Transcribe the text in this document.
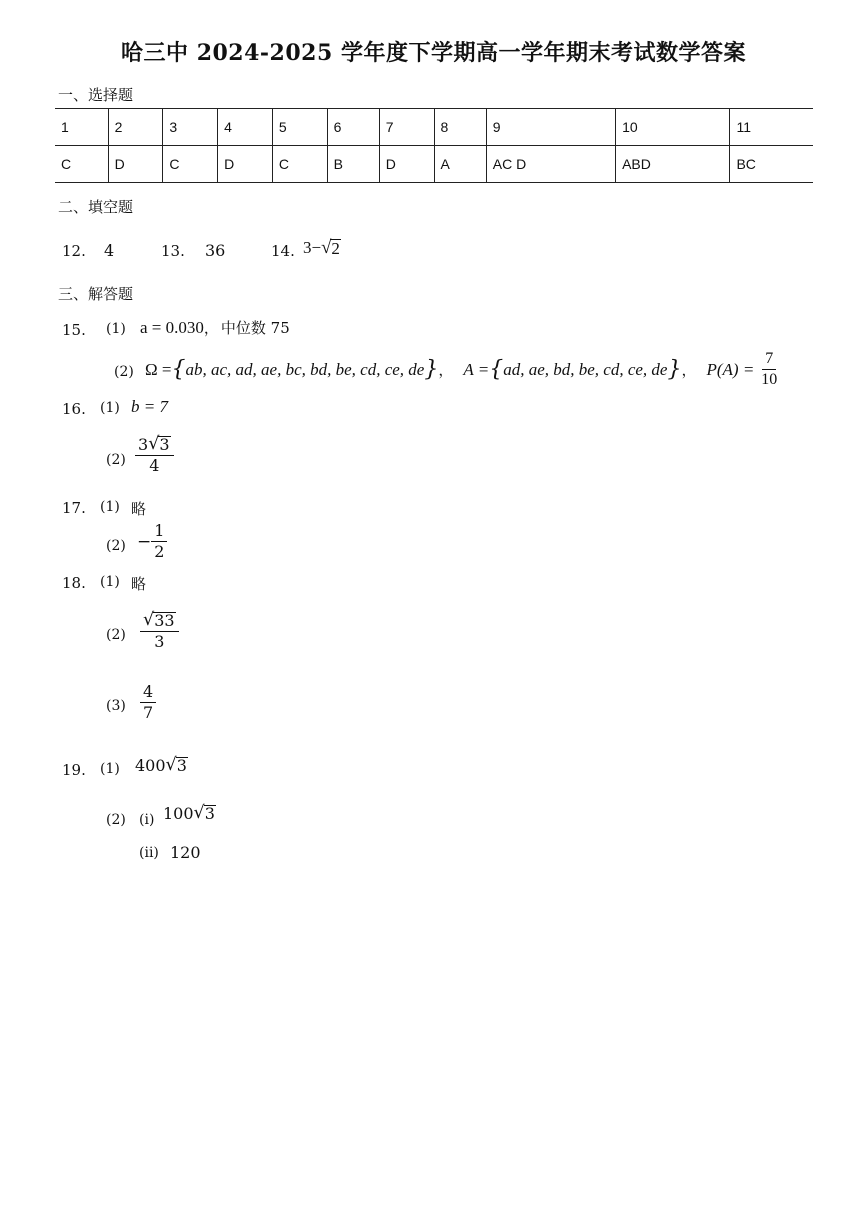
哈三中 2024-2025 学年度下学期高一学年期末考试数学答案
一、选择题
1	2	3	4	5	6	7	8	9	10	11
C	D	C	D	C	B	D	A	AC D	ABD	BC
二、填空题
12. 4	13. 36	14. 3− √ 2
三、解答题
15. (1) a = 0.030 ， 中位数 75
(2) Ω = { ab, ac, ad, ae, bc, bd, be, cd, ce, de } ， A = { ad, ae, bd, be, cd, ce, de } ， $P(A) = \frac{7}{10}$
16. (1) b = 7
$(2) \frac{3 √ 3}{4}$
17. (1) 略
$(2) - \frac{1}{2}$
18. (1) 略
$(2) \frac{√ 33}{3}$
$(3) \frac{4}{7}$
19. (1) 400 √ 3
(2) (i) 100 √ 3
(ii) 120
